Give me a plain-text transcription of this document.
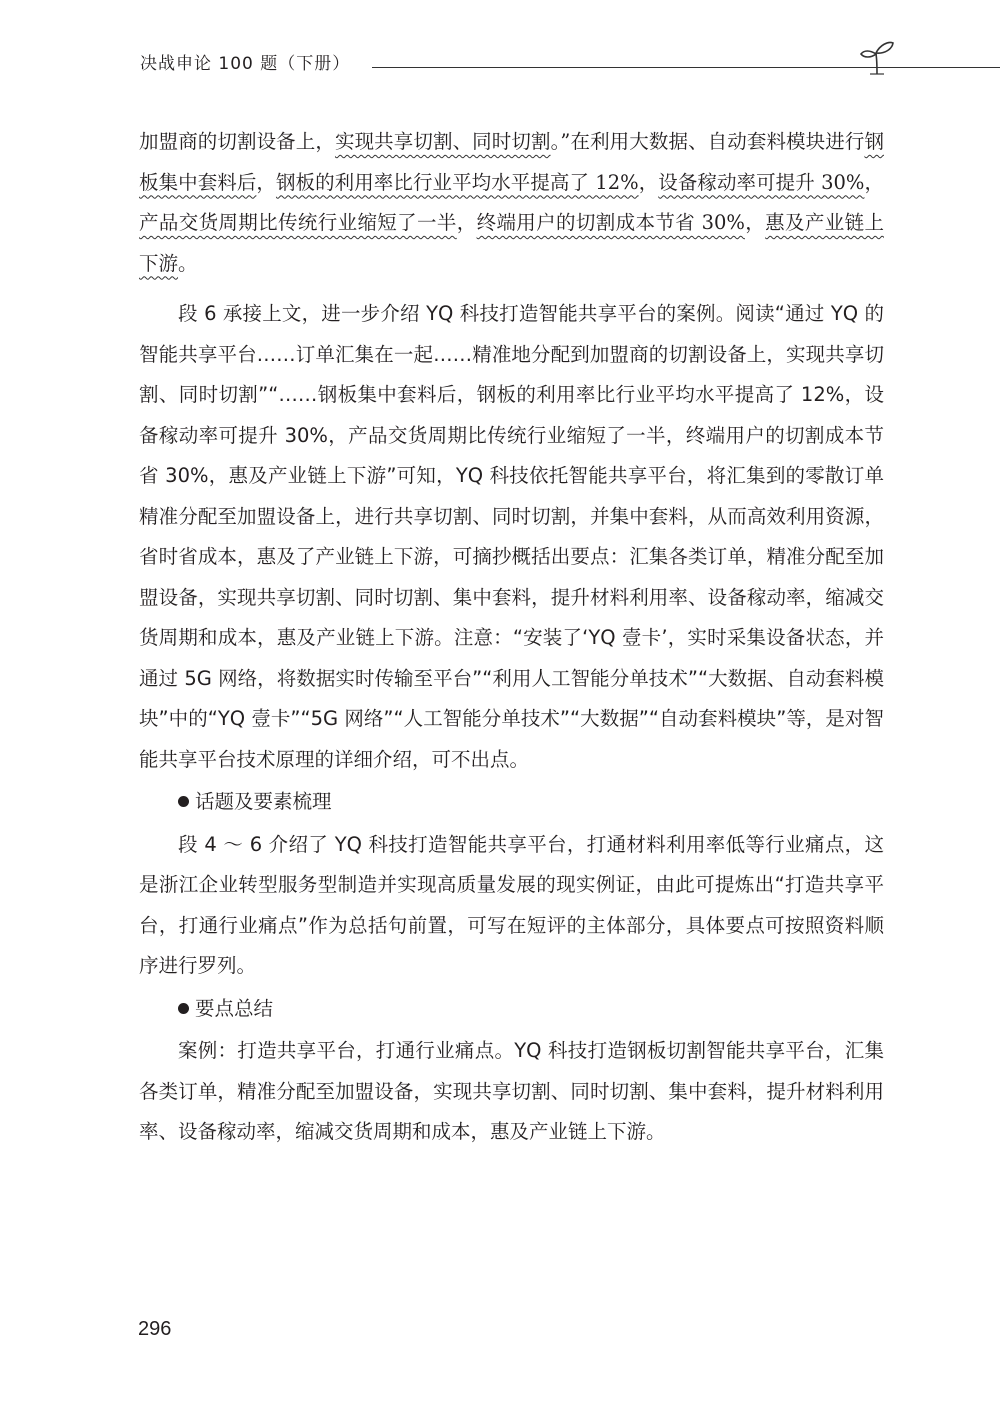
决战申论 100 题（下册）

加盟商的切割设备上，实现共享切割、同时切割。”在利用大数据、自动套料模块进行钢板集中套料后，钢板的利用率比行业平均水平提高了 12%，设备稼动率可提升 30%，产品交货周期比传统行业缩短了一半，终端用户的切割成本节省 30%，惠及产业链上下游。

段 6 承接上文，进一步介绍 YQ 科技打造智能共享平台的案例。阅读“通过 YQ 的智能共享平台……订单汇集在一起……精准地分配到加盟商的切割设备上，实现共享切割、同时切割”“……钢板集中套料后，钢板的利用率比行业平均水平提高了 12%，设备稼动率可提升 30%，产品交货周期比传统行业缩短了一半，终端用户的切割成本节省 30%，惠及产业链上下游”可知，YQ 科技依托智能共享平台，将汇集到的零散订单精准分配至加盟设备上，进行共享切割、同时切割，并集中套料，从而高效利用资源，省时省成本，惠及了产业链上下游，可摘抄概括出要点：汇集各类订单，精准分配至加盟设备，实现共享切割、同时切割、集中套料，提升材料利用率、设备稼动率，缩减交货周期和成本，惠及产业链上下游。注意：“安装了‘YQ 壹卡’，实时采集设备状态，并通过 5G 网络，将数据实时传输至平台”“利用人工智能分单技术”“大数据、自动套料模块”中的“YQ 壹卡”“5G 网络”“人工智能分单技术”“大数据”“自动套料模块”等，是对智能共享平台技术原理的详细介绍，可不出点。

话题及要素梳理

段 4 ～ 6 介绍了 YQ 科技打造智能共享平台，打通材料利用率低等行业痛点，这是浙江企业转型服务型制造并实现高质量发展的现实例证，由此可提炼出“打造共享平台，打通行业痛点”作为总括句前置，可写在短评的主体部分，具体要点可按照资料顺序进行罗列。

要点总结

案例：打造共享平台，打通行业痛点。YQ 科技打造钢板切割智能共享平台，汇集各类订单，精准分配至加盟设备，实现共享切割、同时切割、集中套料，提升材料利用率、设备稼动率，缩减交货周期和成本，惠及产业链上下游。

296
